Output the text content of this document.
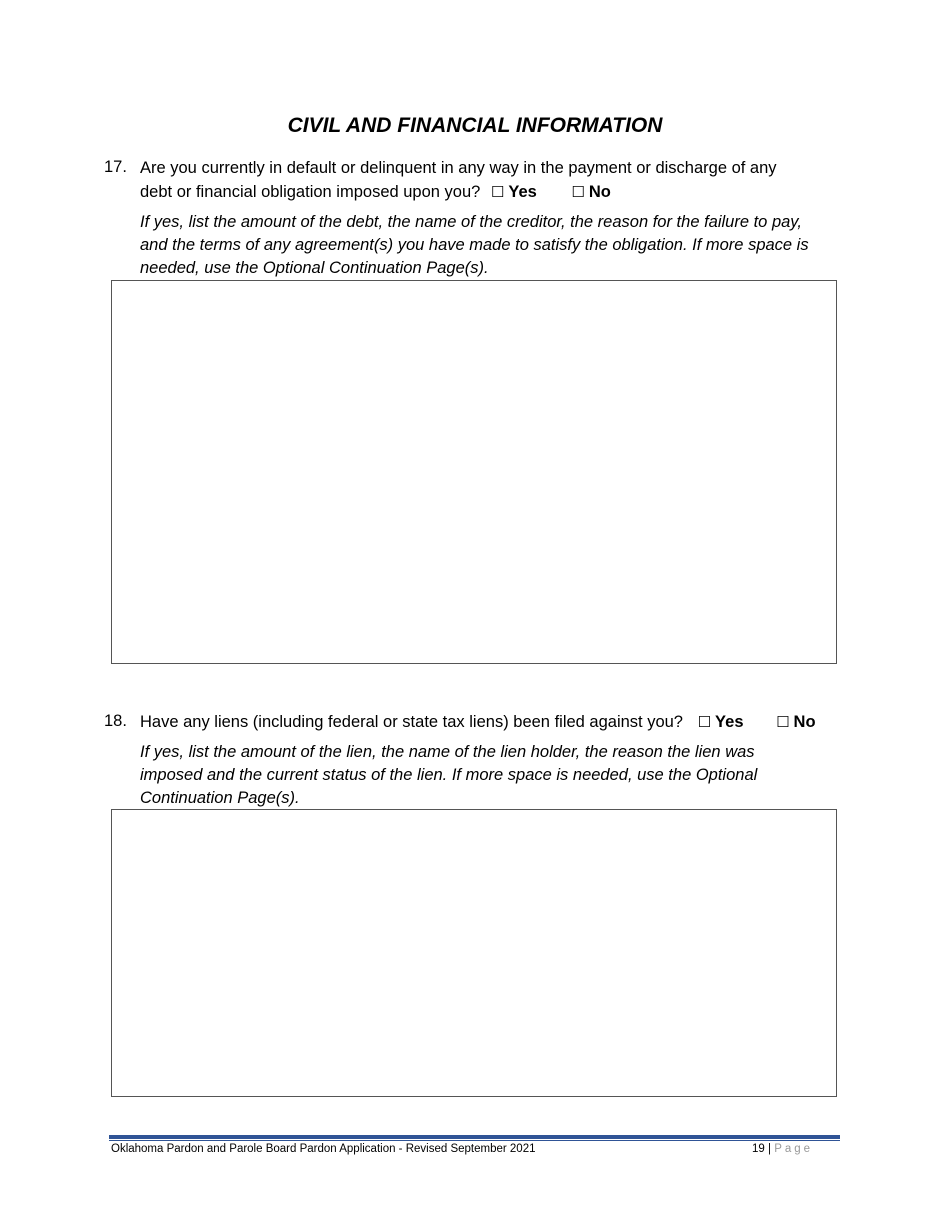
CIVIL AND FINANCIAL INFORMATION
17. Are you currently in default or delinquent in any way in the payment or discharge of any
debt or financial obligation imposed upon you? ☐ Yes ☐ No
If yes, list the amount of the debt, the name of the creditor, the reason for the failure to pay,
and the terms of any agreement(s) you have made to satisfy the obligation. If more space is
needed, use the Optional Continuation Page(s).
18. Have any liens (including federal or state tax liens) been filed against you? ☐ Yes ☐ No
If yes, list the amount of the lien, the name of the lien holder, the reason the lien was
imposed and the current status of the lien. If more space is needed, use the Optional
Continuation Page(s).
Oklahoma Pardon and Parole Board Pardon Application - Revised September 2021	19 | Page
